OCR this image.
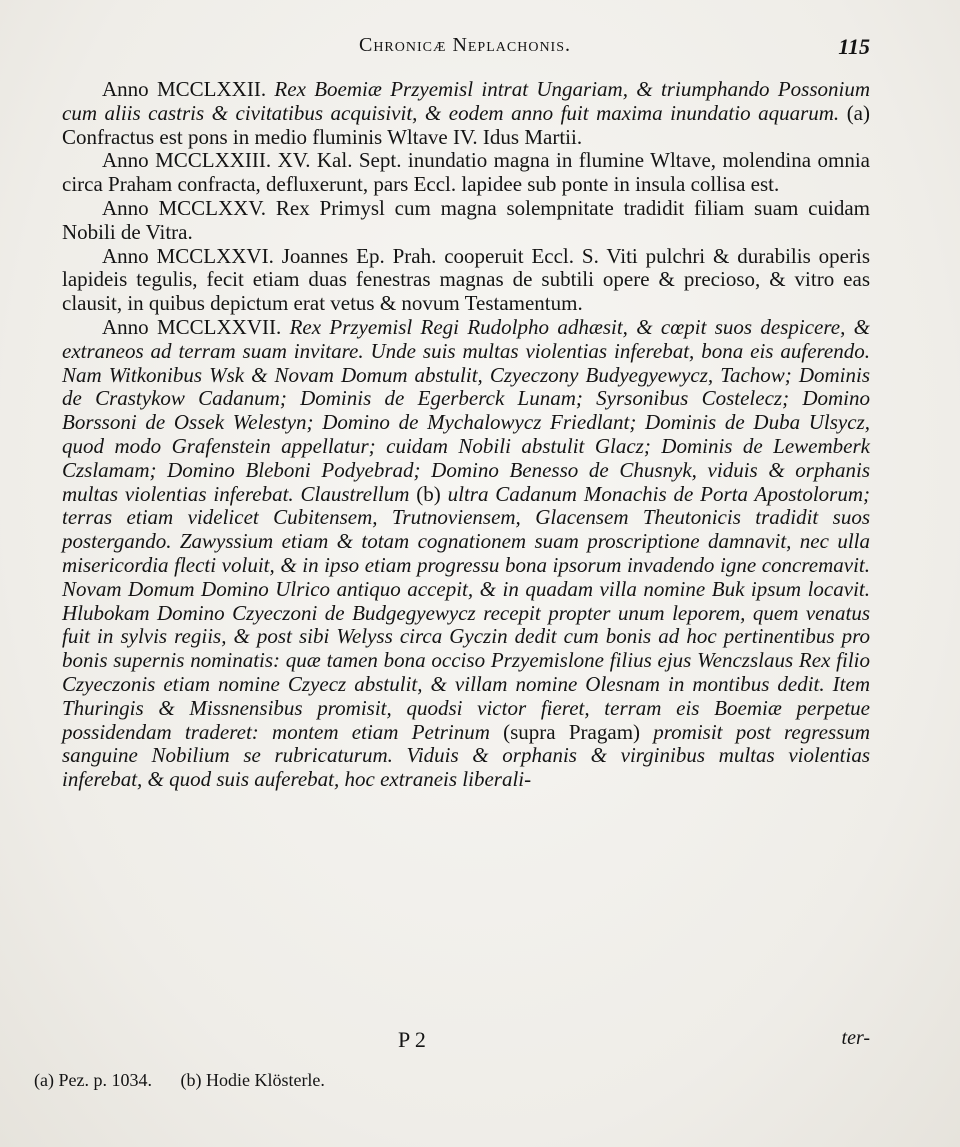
Chronicæ Neplachonis.	115

Anno MCCLXXII. Rex Boemiæ Przyemisl intrat Ungariam, & triumphando Possonium cum aliis castris & civitatibus acquisivit, & eodem anno fuit maxima inundatio aquarum. (a) Confractus est pons in medio fluminis Wltave IV. Idus Martii.

Anno MCCLXXIII. XV. Kal. Sept. inundatio magna in flumine Wltave, molendina omnia circa Praham confracta, defluxerunt, pars Eccl. lapidee sub ponte in insula collisa est.

Anno MCCLXXV. Rex Primysl cum magna solempnitate tradidit filiam suam cuidam Nobili de Vitra.

Anno MCCLXXVI. Joannes Ep. Prah. cooperuit Eccl. S. Viti pulchri & durabilis operis lapideis tegulis, fecit etiam duas fenestras magnas de subtili opere & precioso, & vitro eas clausit, in quibus depictum erat vetus & novum Testamentum.

Anno MCCLXXVII. Rex Przyemisl Regi Rudolpho adhæsit, & cœpit suos despicere, & extraneos ad terram suam invitare. Unde suis multas violentias inferebat, bona eis auferendo. Nam Witkonibus Wsk & Novam Domum abstulit, Czyeczony Budyegyewycz, Tachow; Dominis de Crastykow Cadanum; Dominis de Egerberck Lunam; Syrsonibus Costelecz; Domino Borssoni de Ossek Welestyn; Domino de Mychalowycz Friedlant; Dominis de Duba Ulsycz, quod modo Grafenstein appellatur; cuidam Nobili abstulit Glacz; Dominis de Lewemberk Czslamam; Domino Bleboni Podyebrad; Domino Benesso de Chusnyk, viduis & orphanis multas violentias inferebat. Claustrellum (b) ultra Cadanum Monachis de Porta Apostolorum; terras etiam videlicet Cubitensem, Trutnoviensem, Glacensem Theutonicis tradidit suos postergando. Zawyssium etiam & totam cognationem suam proscriptione damnavit, nec ulla misericordia flecti voluit, & in ipso etiam progressu bona ipsorum invadendo igne concremavit. Novam Domum Domino Ulrico antiquo accepit, & in quadam villa nomine Buk ipsum locavit. Hlubokam Domino Czyeczoni de Budgegyewycz recepit propter unum leporem, quem venatus fuit in sylvis regiis, & post sibi Welyss circa Gyczin dedit cum bonis ad hoc pertinentibus pro bonis supernis nominatis: quæ tamen bona occiso Przyemislone filius ejus Wenczslaus Rex filio Czyeczonis etiam nomine Czyecz abstulit, & villam nomine Olesnam in montibus dedit. Item Thuringis & Missnensibus promisit, quodsi victor fieret, terram eis Boemiæ perpetue possidendam traderet: montem etiam Petrinum (supra Pragam) promisit post regressum sanguine Nobilium se rubricaturum. Viduis & orphanis & virginibus multas violentias inferebat, & quod suis auferebat, hoc extraneis liberali-

P 2	ter-
(a) Pez. p. 1034. (b) Hodie Klösterle.
